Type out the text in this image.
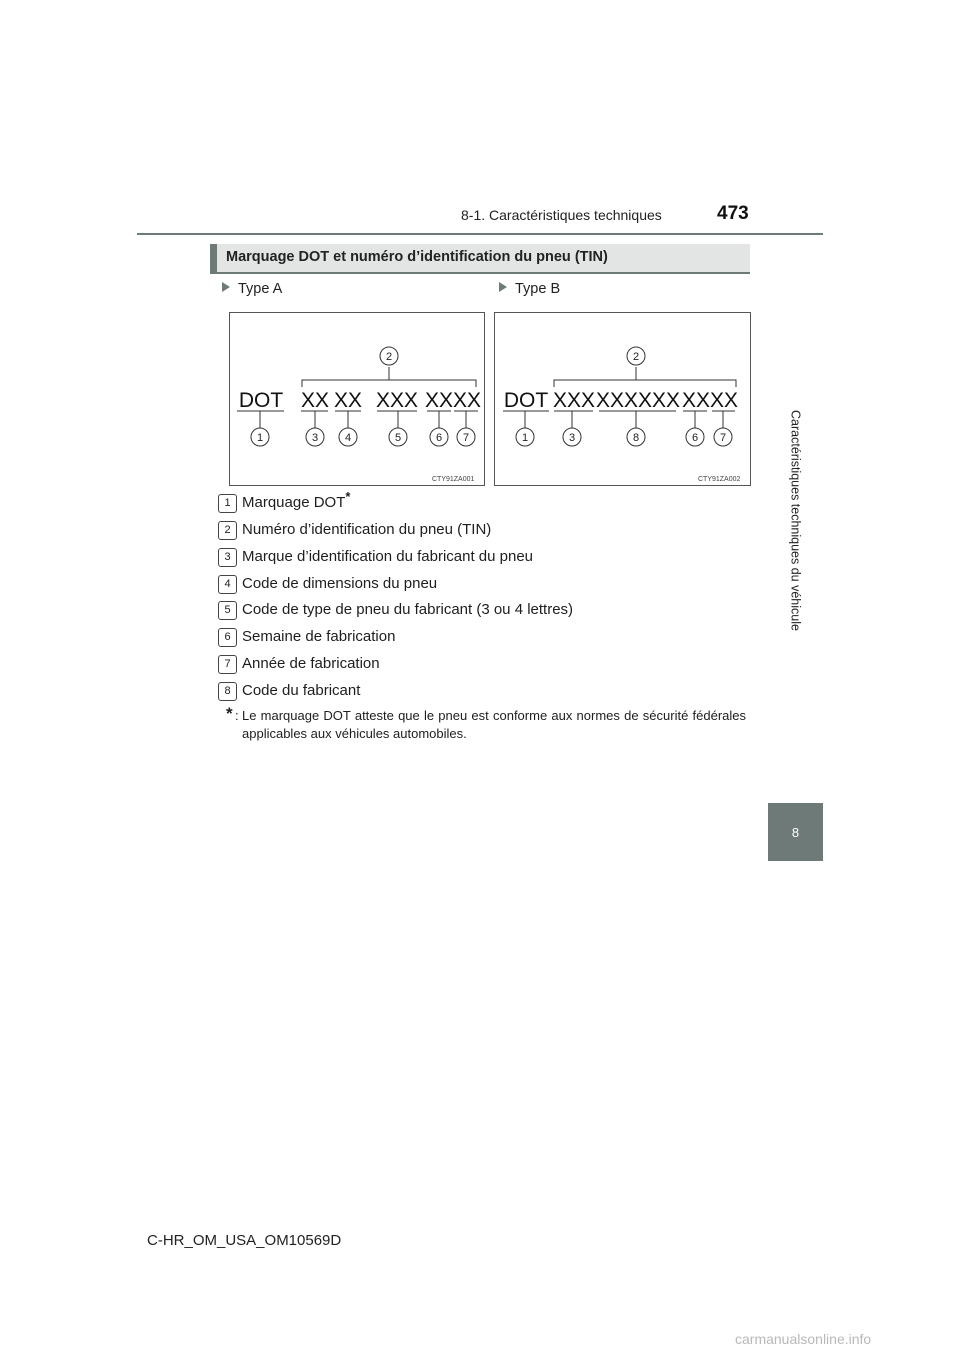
8-1. Caractéristiques techniques	473
Caractéristiques techniques du véhicule
8
Marquage DOT et numéro d’identification du pneu (TIN)
Type A	Type B
DOT XX XX XXX XXXX
2
1	3 4	5	6 7
CTY91ZA001
DOT XXX XXXXXX XXXX
2
1	3	8	6 7
CTY91ZA002
1 Marquage DOT*
2 Numéro d’identification du pneu (TIN)
3 Marque d’identification du fabricant du pneu
4 Code de dimensions du pneu
5 Code de type de pneu du fabricant (3 ou 4 lettres)
6 Semaine de fabrication
7 Année de fabrication
8 Code du fabricant
* : Le marquage DOT atteste que le pneu est conforme aux normes de sécurité fédérales applicables aux véhicules automobiles.
C-HR_OM_USA_OM10569D
carmanualsonline.info
